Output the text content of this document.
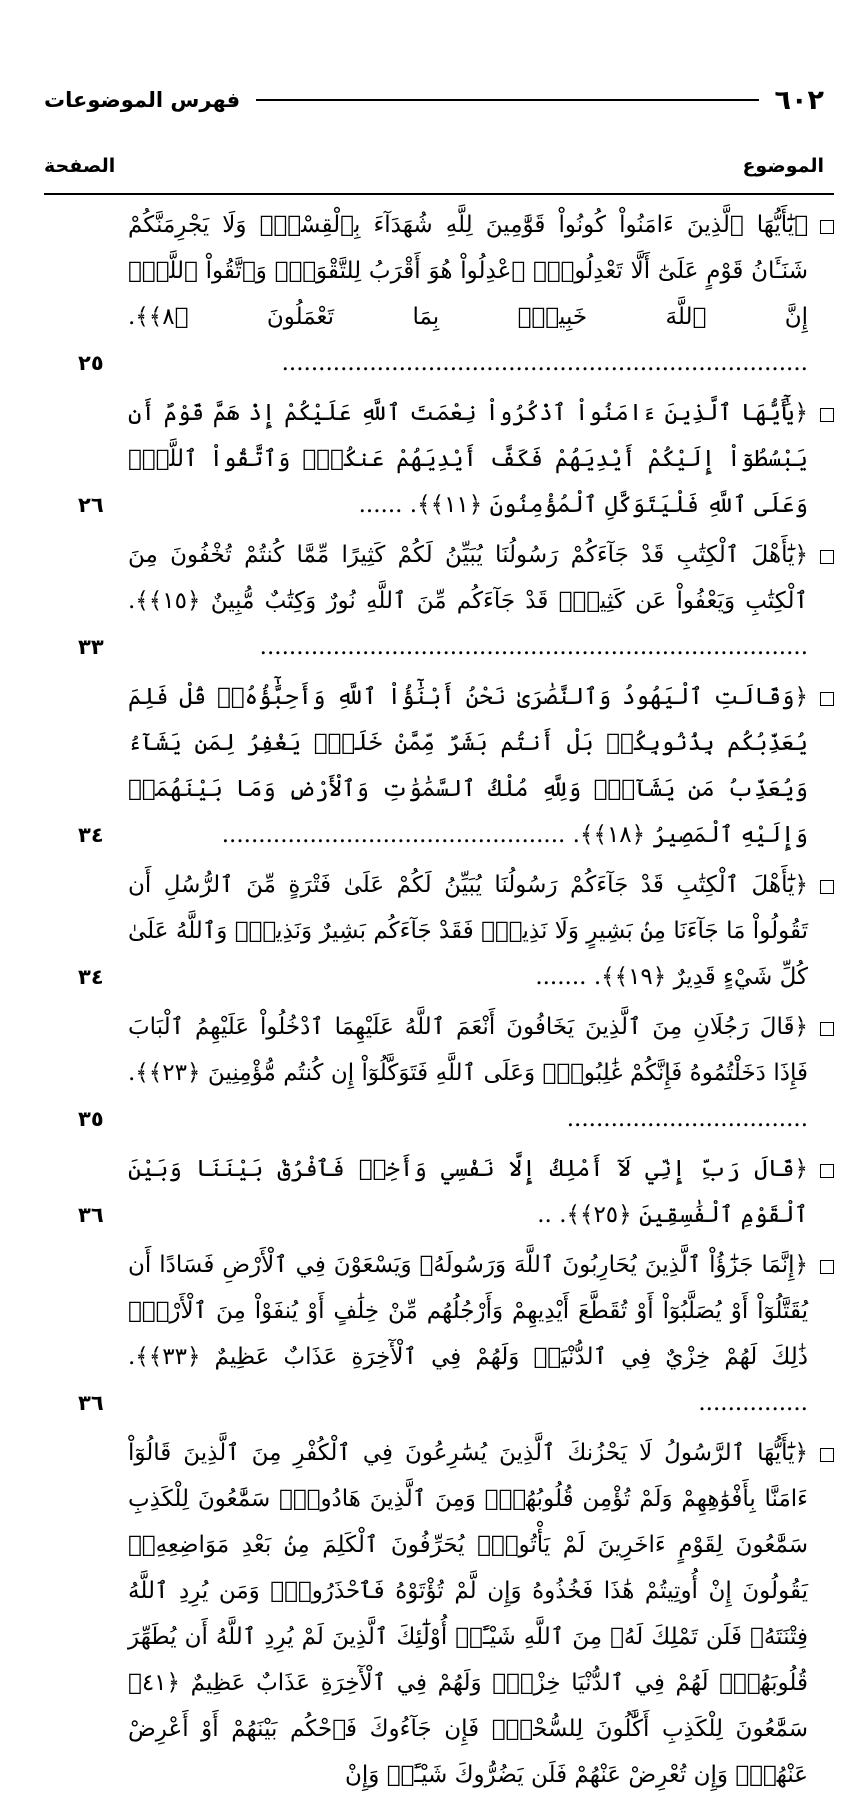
٦٠٢
فهرس الموضوعات
الموضوع
الصفحة
﴿يَٰٓأَيُّهَا ٱلَّذِينَ ءَامَنُواْ كُونُواْ قَوَّٰمِينَ لِلَّهِ شُهَدَآءَ بِٱلْقِسْطِۖ وَلَا يَجْرِمَنَّكُمْ شَنَـَٔانُ قَوْمٍ عَلَىٰٓ أَلَّا تَعْدِلُواْۚ ٱعْدِلُواْ هُوَ أَقْرَبُ لِلتَّقْوَىٰۖ وَٱتَّقُواْ ٱللَّهَۚ إِنَّ ٱللَّهَ خَبِيرُۢ بِمَا تَعْمَلُونَ ﴿٨﴾﴾. ........................................................................
٢٥
﴿يَٰٓأَيُّهَا ٱلَّذِينَ ءَامَنُواْ ٱذْكُرُواْ نِعْمَتَ ٱللَّهِ عَلَيْكُمْ إِذْ هَمَّ قَوْمٌ أَن يَبْسُطُوٓاْ إِلَيْكُمْ أَيْدِيَهُمْ فَكَفَّ أَيْدِيَهُمْ عَنكُمْۖ وَٱتَّقُواْ ٱللَّهَۚ وَعَلَى ٱللَّهِ فَلْيَتَوَكَّلِ ٱلْمُؤْمِنُونَ ﴿١١﴾﴾. ......
٢٦
﴿يَٰٓأَهْلَ ٱلْكِتَٰبِ قَدْ جَآءَكُمْ رَسُولُنَا يُبَيِّنُ لَكُمْ كَثِيرًا مِّمَّا كُنتُمْ تُخْفُونَ مِنَ ٱلْكِتَٰبِ وَيَعْفُواْ عَن كَثِيرٍۚ قَدْ جَآءَكُم مِّنَ ٱللَّهِ نُورٌ وَكِتَٰبٌ مُّبِينٌ ﴿١٥﴾﴾. ...........................................................................
٣٣
﴿وَقَالَتِ ٱلْيَهُودُ وَٱلنَّصَٰرَىٰ نَحْنُ أَبْنَٰٓؤُاْ ٱللَّهِ وَأَحِبَّٰٓؤُهُۥۚ قُلْ فَلِمَ يُعَذِّبُكُم بِذُنُوبِكُمۖ بَلْ أَنتُم بَشَرٌ مِّمَّنْ خَلَقَۚ يَغْفِرُ لِمَن يَشَآءُ وَيُعَذِّبُ مَن يَشَآءُۚ وَلِلَّهِ مُلْكُ ٱلسَّمَٰوَٰتِ وَٱلْأَرْضِ وَمَا بَيْنَهُمَاۖ وَإِلَيْهِ ٱلْمَصِيرُ ﴿١٨﴾﴾. ...............................................
٣٤
﴿يَٰٓأَهْلَ ٱلْكِتَٰبِ قَدْ جَآءَكُمْ رَسُولُنَا يُبَيِّنُ لَكُمْ عَلَىٰ فَتْرَةٍ مِّنَ ٱلرُّسُلِ أَن تَقُولُواْ مَا جَآءَنَا مِنۢ بَشِيرٍ وَلَا نَذِيرٍۖ فَقَدْ جَآءَكُم بَشِيرٌ وَنَذِيرٌۗ وَٱللَّهُ عَلَىٰ كُلِّ شَيْءٍ قَدِيرٌ ﴿١٩﴾﴾. .......
٣٤
﴿قَالَ رَجُلَانِ مِنَ ٱلَّذِينَ يَخَافُونَ أَنْعَمَ ٱللَّهُ عَلَيْهِمَا ٱدْخُلُواْ عَلَيْهِمُ ٱلْبَابَ فَإِذَا دَخَلْتُمُوهُ فَإِنَّكُمْ غَٰلِبُونَۚ وَعَلَى ٱللَّهِ فَتَوَكَّلُوٓاْ إِن كُنتُم مُّؤْمِنِينَ ﴿٢٣﴾﴾. .................................
٣٥
﴿قَالَ رَبِّ إِنِّي لَآ أَمْلِكُ إِلَّا نَفْسِي وَأَخِيۖ فَٱفْرُقْ بَيْنَنَا وَبَيْنَ ٱلْقَوْمِ ٱلْفَٰسِقِينَ ﴿٢٥﴾﴾. ..
٣٦
﴿إِنَّمَا جَزَٰٓؤُاْ ٱلَّذِينَ يُحَارِبُونَ ٱللَّهَ وَرَسُولَهُۥ وَيَسْعَوْنَ فِي ٱلْأَرْضِ فَسَادًا أَن يُقَتَّلُوٓاْ أَوْ يُصَلَّبُوٓاْ أَوْ تُقَطَّعَ أَيْدِيهِمْ وَأَرْجُلُهُم مِّنْ خِلَٰفٍ أَوْ يُنفَوْاْ مِنَ ٱلْأَرْضِۚ ذَٰلِكَ لَهُمْ خِزْيٌ فِي ٱلدُّنْيَاۖ وَلَهُمْ فِي ٱلْأٓخِرَةِ عَذَابٌ عَظِيمٌ ﴿٣٣﴾﴾. ...............
٣٦
﴿يَٰٓأَيُّهَا ٱلرَّسُولُ لَا يَحْزُنكَ ٱلَّذِينَ يُسَٰرِعُونَ فِي ٱلْكُفْرِ مِنَ ٱلَّذِينَ قَالُوٓاْ ءَامَنَّا بِأَفْوَٰهِهِمْ وَلَمْ تُؤْمِن قُلُوبُهُمْۛ وَمِنَ ٱلَّذِينَ هَادُواْۛ سَمَّٰعُونَ لِلْكَذِبِ سَمَّٰعُونَ لِقَوْمٍ ءَاخَرِينَ لَمْ يَأْتُوكَۖ يُحَرِّفُونَ ٱلْكَلِمَ مِنۢ بَعْدِ مَوَاضِعِهِۦۖ يَقُولُونَ إِنْ أُوتِيتُمْ هَٰذَا فَخُذُوهُ وَإِن لَّمْ تُؤْتَوْهُ فَٱحْذَرُواْۚ وَمَن يُرِدِ ٱللَّهُ فِتْنَتَهُۥ فَلَن تَمْلِكَ لَهُۥ مِنَ ٱللَّهِ شَيْـًٔاۚ أُوْلَٰٓئِكَ ٱلَّذِينَ لَمْ يُرِدِ ٱللَّهُ أَن يُطَهِّرَ قُلُوبَهُمْۚ لَهُمْ فِي ٱلدُّنْيَا خِزْيٌۖ وَلَهُمْ فِي ٱلْأٓخِرَةِ عَذَابٌ عَظِيمٌ ﴿٤١﴾ سَمَّٰعُونَ لِلْكَذِبِ أَكَّٰلُونَ لِلسُّحْتِۚ فَإِن جَآءُوكَ فَٱحْكُم بَيْنَهُمْ أَوْ أَعْرِضْ عَنْهُمْۖ وَإِن تُعْرِضْ عَنْهُمْ فَلَن يَضُرُّوكَ شَيْـًٔاۖ وَإِنْ
